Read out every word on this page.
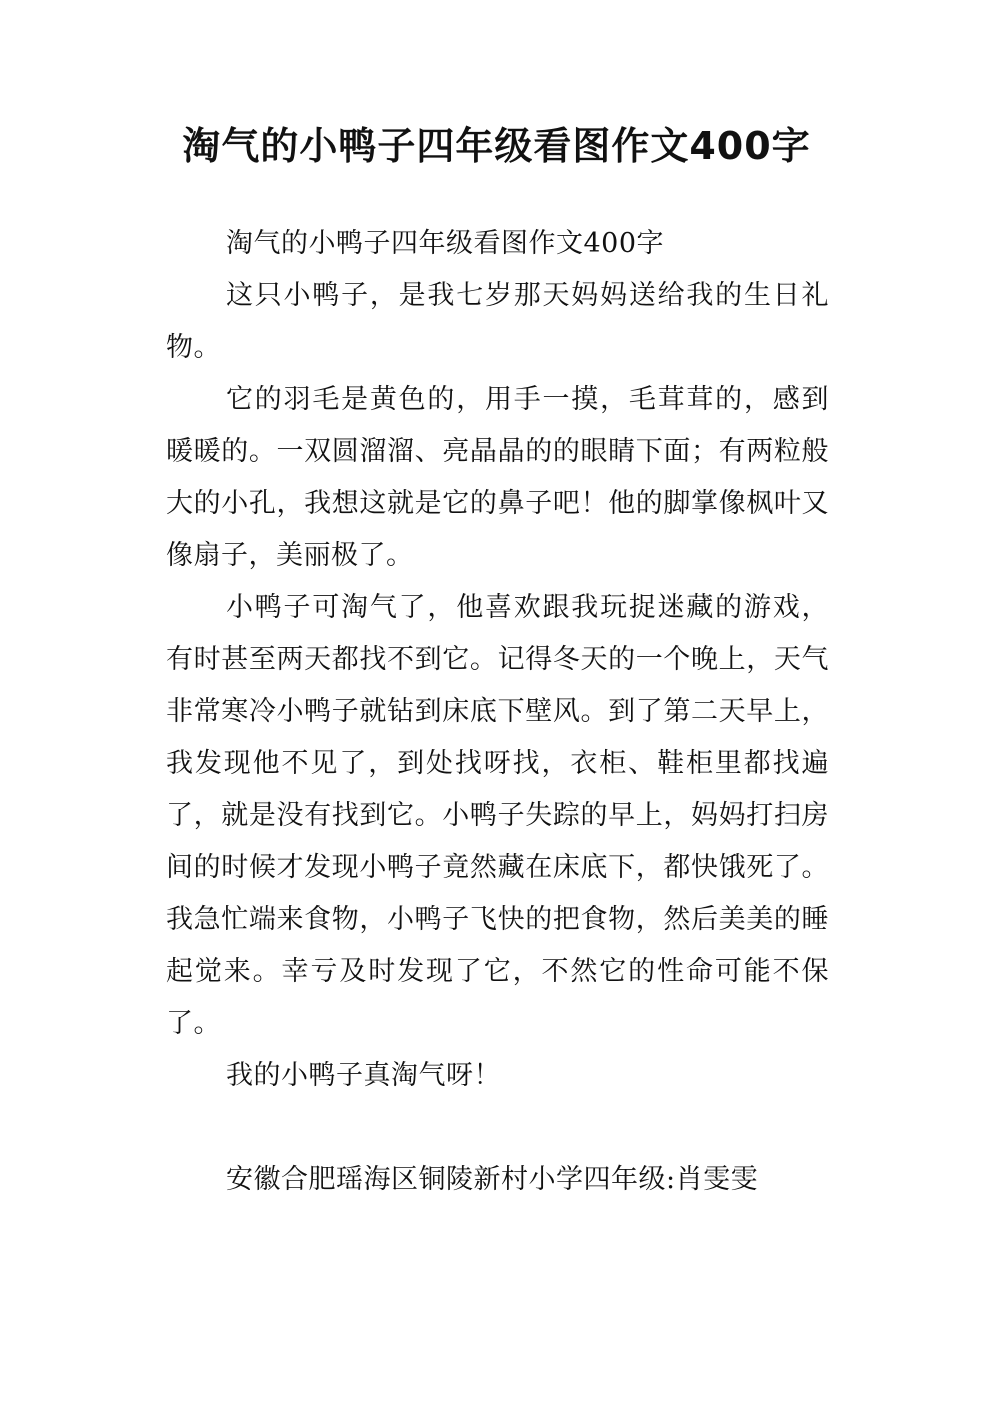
淘气的小鸭子四年级看图作文400字

淘气的小鸭子四年级看图作文400字

这只小鸭子，是我七岁那天妈妈送给我的生日礼物。

它的羽毛是黄色的，用手一摸，毛茸茸的，感到暖暖的。一双圆溜溜、亮晶晶的的眼睛下面；有两粒般大的小孔，我想这就是它的鼻子吧！他的脚掌像枫叶又像扇子，美丽极了。

小鸭子可淘气了，他喜欢跟我玩捉迷藏的游戏，有时甚至两天都找不到它。记得冬天的一个晚上，天气非常寒冷小鸭子就钻到床底下壁风。到了第二天早上，我发现他不见了，到处找呀找，衣柜、鞋柜里都找遍了，就是没有找到它。小鸭子失踪的早上，妈妈打扫房间的时候才发现小鸭子竟然藏在床底下，都快饿死了。我急忙端来食物，小鸭子飞快的把食物，然后美美的睡起觉来。幸亏及时发现了它，不然它的性命可能不保了。

我的小鸭子真淘气呀！

安徽合肥瑶海区铜陵新村小学四年级:肖雯雯
